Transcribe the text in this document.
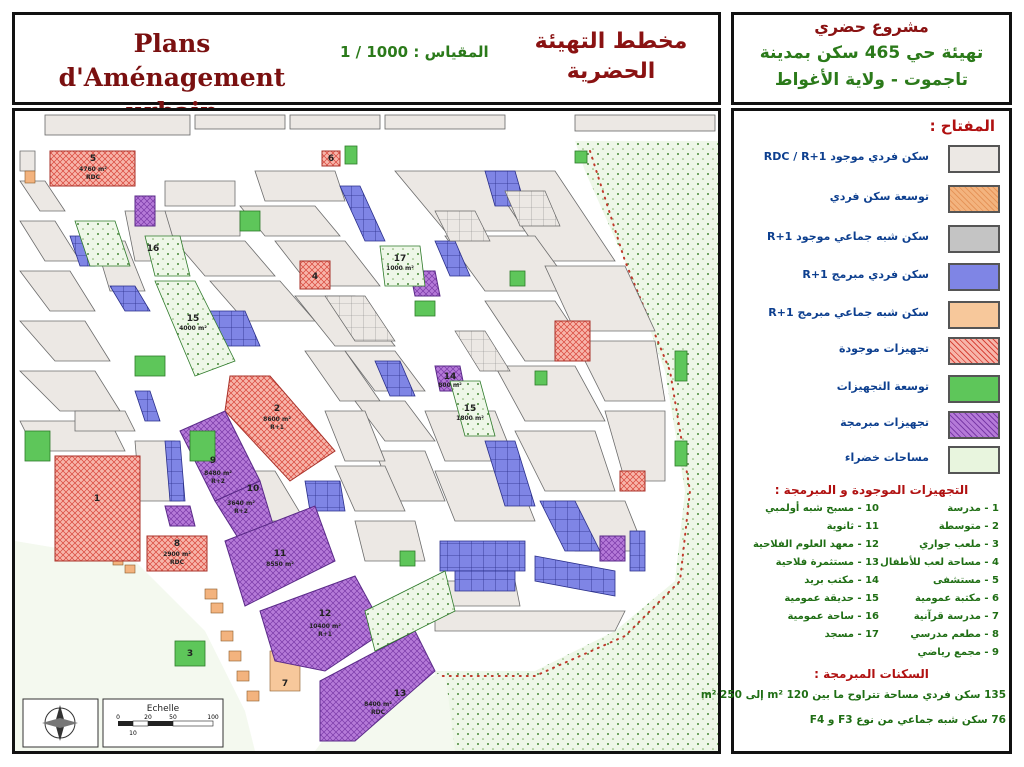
Plans d'Aménagement
المقياس : 1000 / 1	مخطط التهيئة
الحضرية
مشروع حضري
تهيئة حي 465 سكن بمدينة
تاجموت - ولاية الأغواط
1
2
8600 m²
R+1
5
4760 m²
RDC
8
2900 m²
RDC
9
8480 m²
R+2
10
3640 m²
R+2
11
8550 m²
12
10400 m²
R+1
13
8400 m²
RDC
14
800 m²
15
4000 m²
15
1800 m²
16
17
1000 m²
6
7
3
4
Echelle
0
10
20	50	100
المفتاح :
سكن فردي موجود RDC / R+1
توسعة سكن فردي
سكن شبه جماعي موجود R+1
سكن فردي مبرمج R+1
سكن شبه جماعي مبرمج R+1
تجهيزات موجودة
توسعة التجهيزات
تجهيزات مبرمجة
مساحات خضراء
التجهيزات الموجودة و المبرمجة :
1 - مدرسة
2 - متوسطة
3 - ملعب جواري
4 - مساحة لعب للأطفال
5 - مستشفى
6 - مكتبة عمومية
7 - مدرسة قرآنية
8 - مطعم مدرسي
9 - مجمع رياضي
10 - مسبح شبه أولمبي
11 - ثانوية
12 - معهد العلوم الفلاحية
13 - مستثمرة فلاحية
14 - مكتب بريد
15 - حديقة عمومية
16 - ساحة عمومية
17 - مسجد
السكنات المبرمجة :
135 سكن فردي مساحة تتراوح ما بين 120 m² إلى 250 m²
76 سكن شبه جماعي من نوع F3 و F4
